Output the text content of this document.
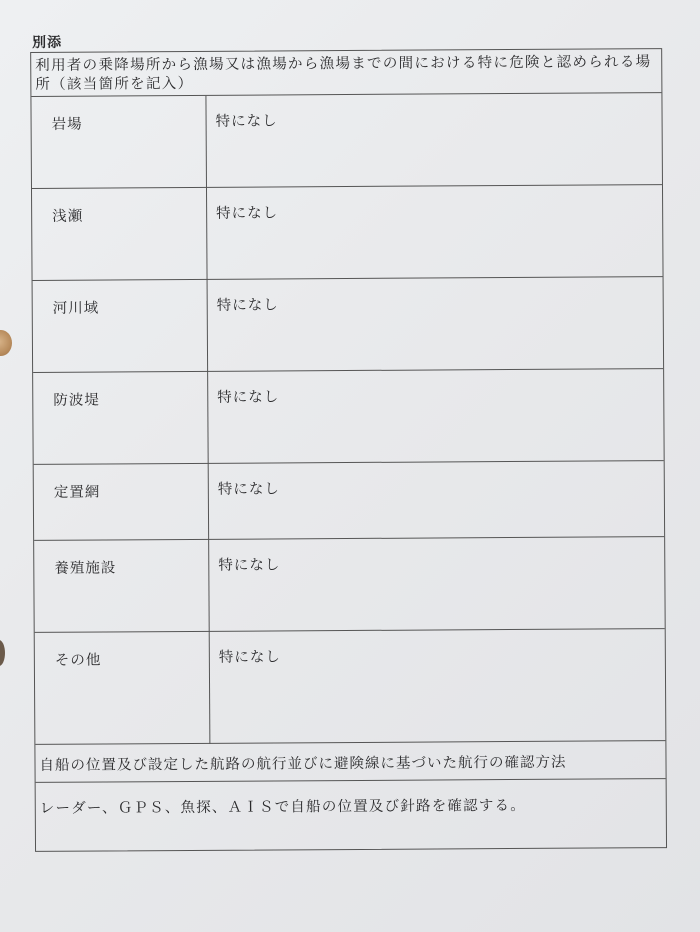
別添
利用者の乗降場所から漁場又は漁場から漁場までの間における特に危険と認められる場
所（該当箇所を記入）
岩場	特になし
浅瀬	特になし
河川域	特になし
防波堤	特になし
定置網	特になし
養殖施設	特になし
その他	特になし
自船の位置及び設定した航路の航行並びに避険線に基づいた航行の確認方法
レーダー、ＧＰＳ、魚探、ＡＩＳで自船の位置及び針路を確認する。
